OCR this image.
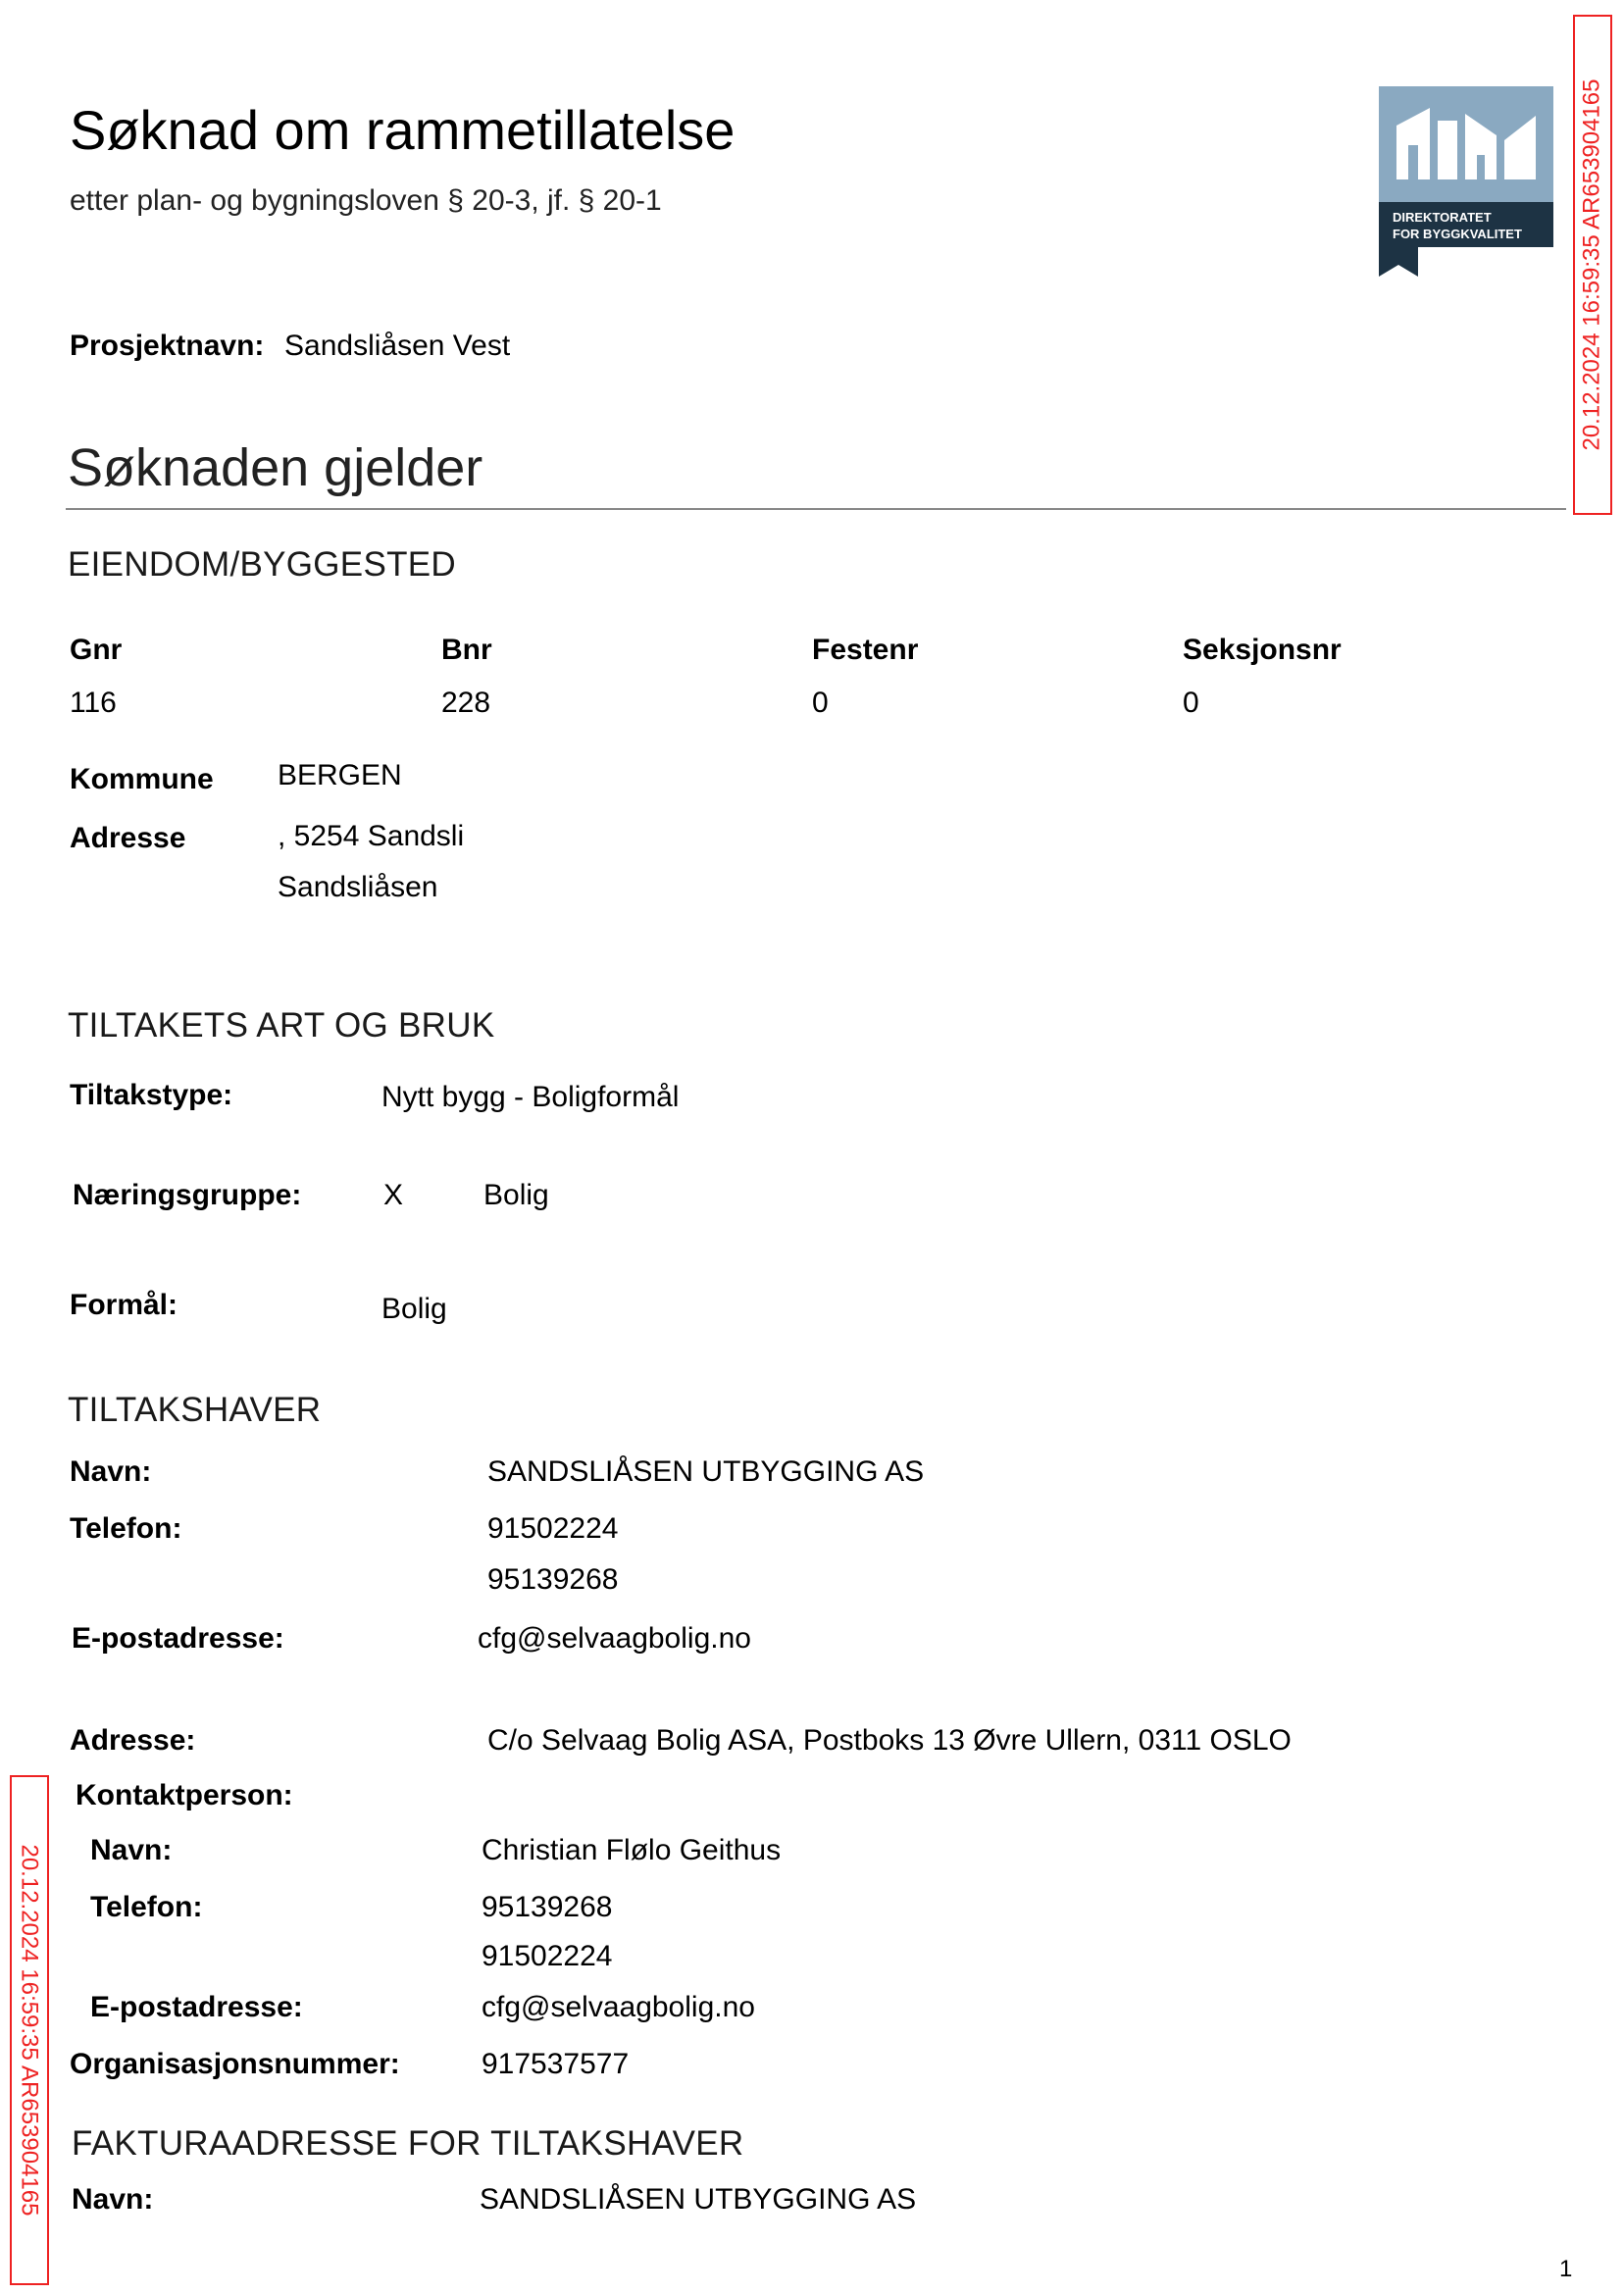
Søknad om rammetillatelse
etter plan- og bygningsloven § 20-3, jf. § 20-1
DIREKTORATET
FOR BYGGKVALITET 20.12.2024 16:59:35 AR653904165
20.12.2024 16:59:35 AR653904165
Prosjektnavn: Sandsliåsen Vest
Søknaden gjelder
EIENDOM/BYGGESTED
Gnr	Bnr	Festenr	Seksjonsnr
116	228	0	0
Kommune BERGEN
Adresse	, 5254 Sandsli
Sandsliåsen
TILTAKETS ART OG BRUK
Tiltakstype:	Nytt bygg - Boligformål
Næringsgruppe:	X	Bolig
Formål:	Bolig
TILTAKSHAVER
Navn:	SANDSLIÅSEN UTBYGGING AS
Telefon:	91502224
95139268
E-postadresse:	cfg@selvaagbolig.no
Adresse:	C/o Selvaag Bolig ASA, Postboks 13 Øvre Ullern, 0311 OSLO
Kontaktperson:
Navn:	Christian Flølo Geithus
Telefon:	95139268
91502224
E-postadresse:	cfg@selvaagbolig.no
Organisasjonsnummer:	917537577
FAKTURAADRESSE FOR TILTAKSHAVER
Navn:	SANDSLIÅSEN UTBYGGING AS
1
